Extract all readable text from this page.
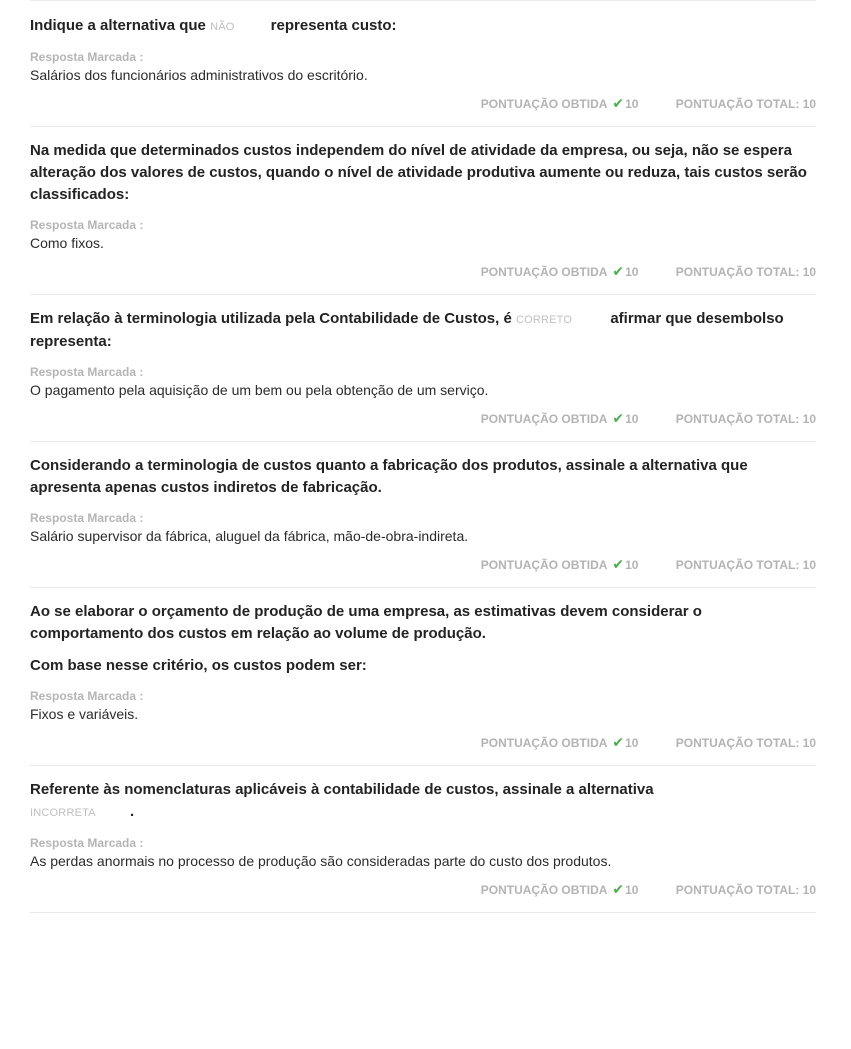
Indique a alternativa que NÃO representa custo:
Resposta Marcada :
Salários dos funcionários administrativos do escritório.
PONTUAÇÃO OBTIDA ✔10	PONTUAÇÃO TOTAL: 10
Na medida que determinados custos independem do nível de atividade da empresa, ou seja, não se espera alteração dos valores de custos, quando o nível de atividade produtiva aumente ou reduza, tais custos serão classificados:
Resposta Marcada :
Como fixos.
PONTUAÇÃO OBTIDA ✔10	PONTUAÇÃO TOTAL: 10
Em relação à terminologia utilizada pela Contabilidade de Custos, é CORRETO	afirmar que desembolso representa:
Resposta Marcada :
O pagamento pela aquisição de um bem ou pela obtenção de um serviço.
PONTUAÇÃO OBTIDA ✔10	PONTUAÇÃO TOTAL: 10
Considerando a terminologia de custos quanto a fabricação dos produtos, assinale a alternativa que apresenta apenas custos indiretos de fabricação.
Resposta Marcada :
Salário supervisor da fábrica, aluguel da fábrica, mão-de-obra-indireta.
PONTUAÇÃO OBTIDA ✔10	PONTUAÇÃO TOTAL: 10
Ao se elaborar o orçamento de produção de uma empresa, as estimativas devem considerar o comportamento dos custos em relação ao volume de produção.
Com base nesse critério, os custos podem ser:
Resposta Marcada :
Fixos e variáveis.
PONTUAÇÃO OBTIDA ✔10	PONTUAÇÃO TOTAL: 10
Referente às nomenclaturas aplicáveis à contabilidade de custos, assinale a alternativa
INCORRETA .
Resposta Marcada :
As perdas anormais no processo de produção são consideradas parte do custo dos produtos.
PONTUAÇÃO OBTIDA ✔10	PONTUAÇÃO TOTAL: 10
